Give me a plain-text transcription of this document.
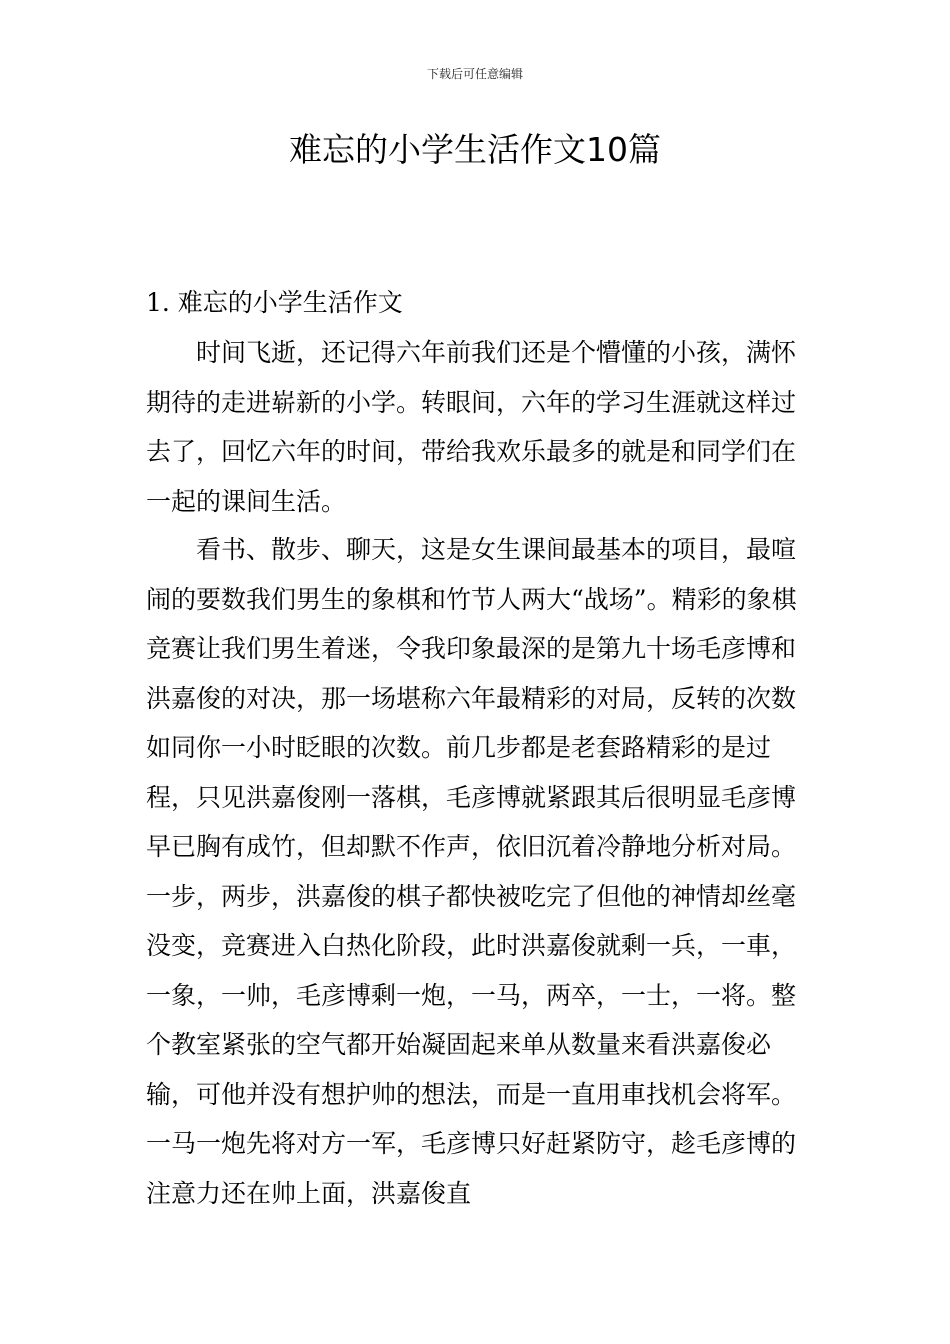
下载后可任意编辑
难忘的小学生活作文10篇
1. 难忘的小学生活作文

时间飞逝，还记得六年前我们还是个懵懂的小孩，满怀期待的走进崭新的小学。转眼间，六年的学习生涯就这样过去了，回忆六年的时间，带给我欢乐最多的就是和同学们在一起的课间生活。

看书、散步、聊天，这是女生课间最基本的项目，最喧闹的要数我们男生的象棋和竹节人两大“战场”。精彩的象棋竞赛让我们男生着迷，令我印象最深的是第九十场毛彦博和洪嘉俊的对决，那一场堪称六年最精彩的对局，反转的次数如同你一小时眨眼的次数。前几步都是老套路精彩的是过程，只见洪嘉俊刚一落棋，毛彦博就紧跟其后很明显毛彦博早已胸有成竹，但却默不作声，依旧沉着冷静地分析对局。一步，两步，洪嘉俊的棋子都快被吃完了但他的神情却丝毫没变，竞赛进入白热化阶段，此时洪嘉俊就剩一兵，一車，一象，一帅，毛彦博剩一炮，一马，两卒，一士，一将。整个教室紧张的空气都开始凝固起来单从数量来看洪嘉俊必输，可他并没有想护帅的想法，而是一直用車找机会将军。一马一炮先将对方一军，毛彦博只好赶紧防守，趁毛彦博的注意力还在帅上面，洪嘉俊直
